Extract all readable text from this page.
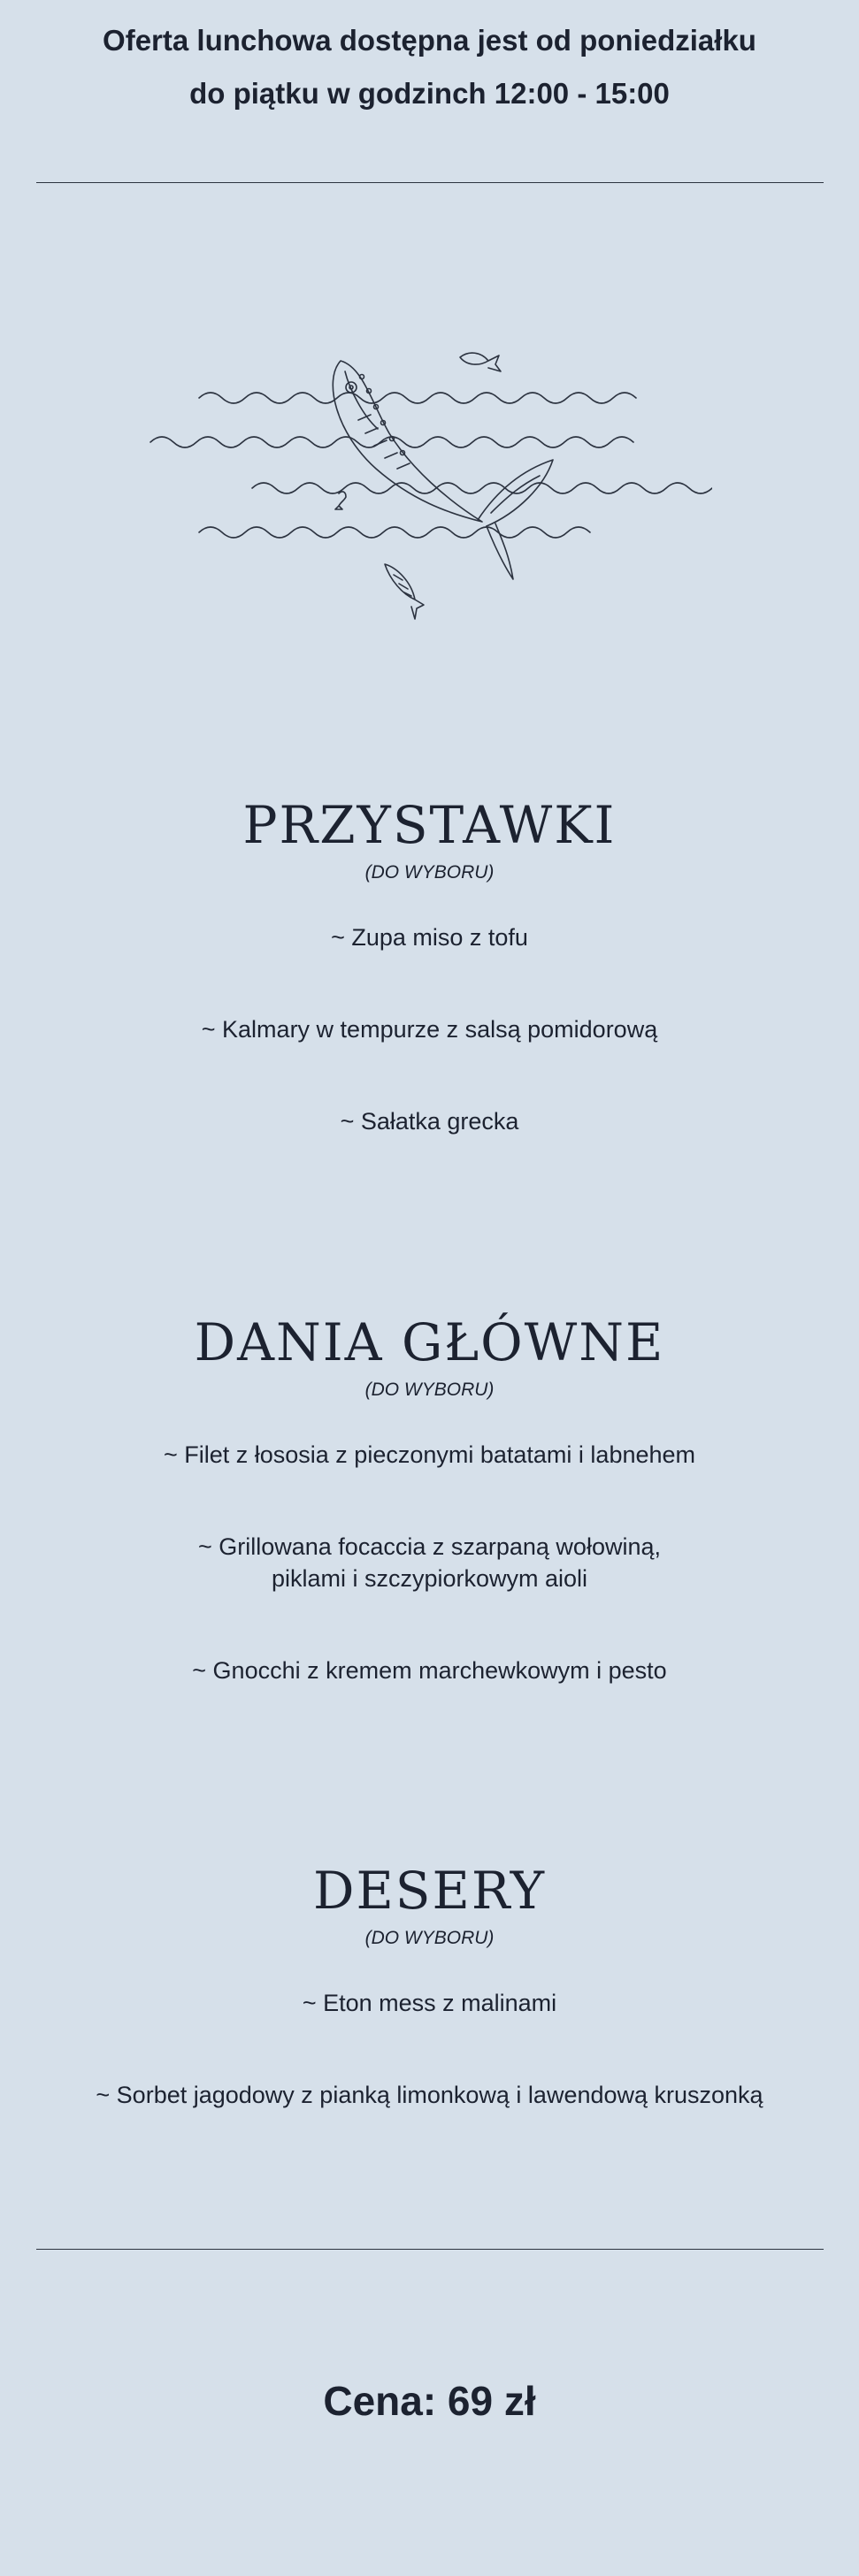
Oferta lunchowa dostępna jest od poniedziałku
do piątku w godzinch 12:00 - 15:00
PRZYSTAWKI
(DO WYBORU)
~ Zupa miso z tofu
~ Kalmary w tempurze z salsą pomidorową
~ Sałatka grecka
DANIA GŁÓWNE
(DO WYBORU)
~ Filet z łososia z pieczonymi batatami i labnehem
~ Grillowana focaccia z szarpaną wołowiną,
piklami i szczypiorkowym aioli
~ Gnocchi z kremem marchewkowym i pesto
DESERY
(DO WYBORU)
~ Eton mess z malinami
~ Sorbet jagodowy z pianką limonkową i lawendową kruszonką
Cena: 69 zł
